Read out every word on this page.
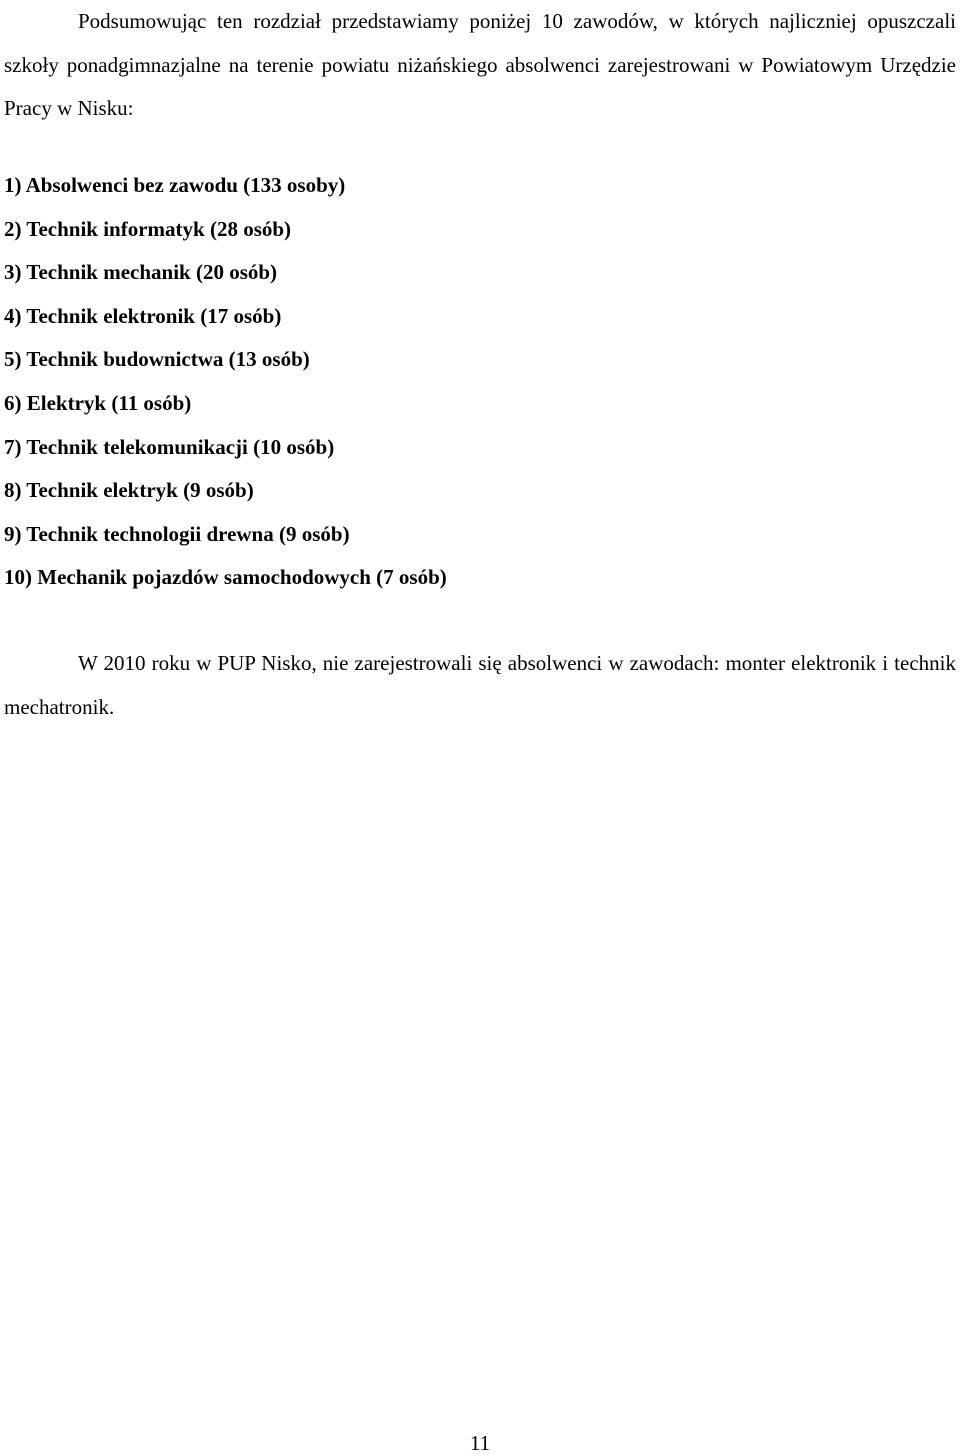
Podsumowując ten rozdział przedstawiamy poniżej 10 zawodów, w których najliczniej opuszczali szkoły ponadgimnazjalne na terenie powiatu niżańskiego absolwenci zarejestrowani w Powiatowym Urzędzie Pracy w Nisku:

1) Absolwenci bez zawodu (133 osoby)
2) Technik informatyk (28 osób)
3) Technik mechanik (20 osób)
4) Technik elektronik (17 osób)
5) Technik budownictwa (13 osób)
6) Elektryk (11 osób)
7) Technik telekomunikacji (10 osób)
8) Technik elektryk (9 osób)
9) Technik technologii drewna (9 osób)
10) Mechanik pojazdów samochodowych (7 osób)

W 2010 roku w PUP Nisko, nie zarejestrowali się absolwenci w zawodach: monter elektronik i technik mechatronik.

11
